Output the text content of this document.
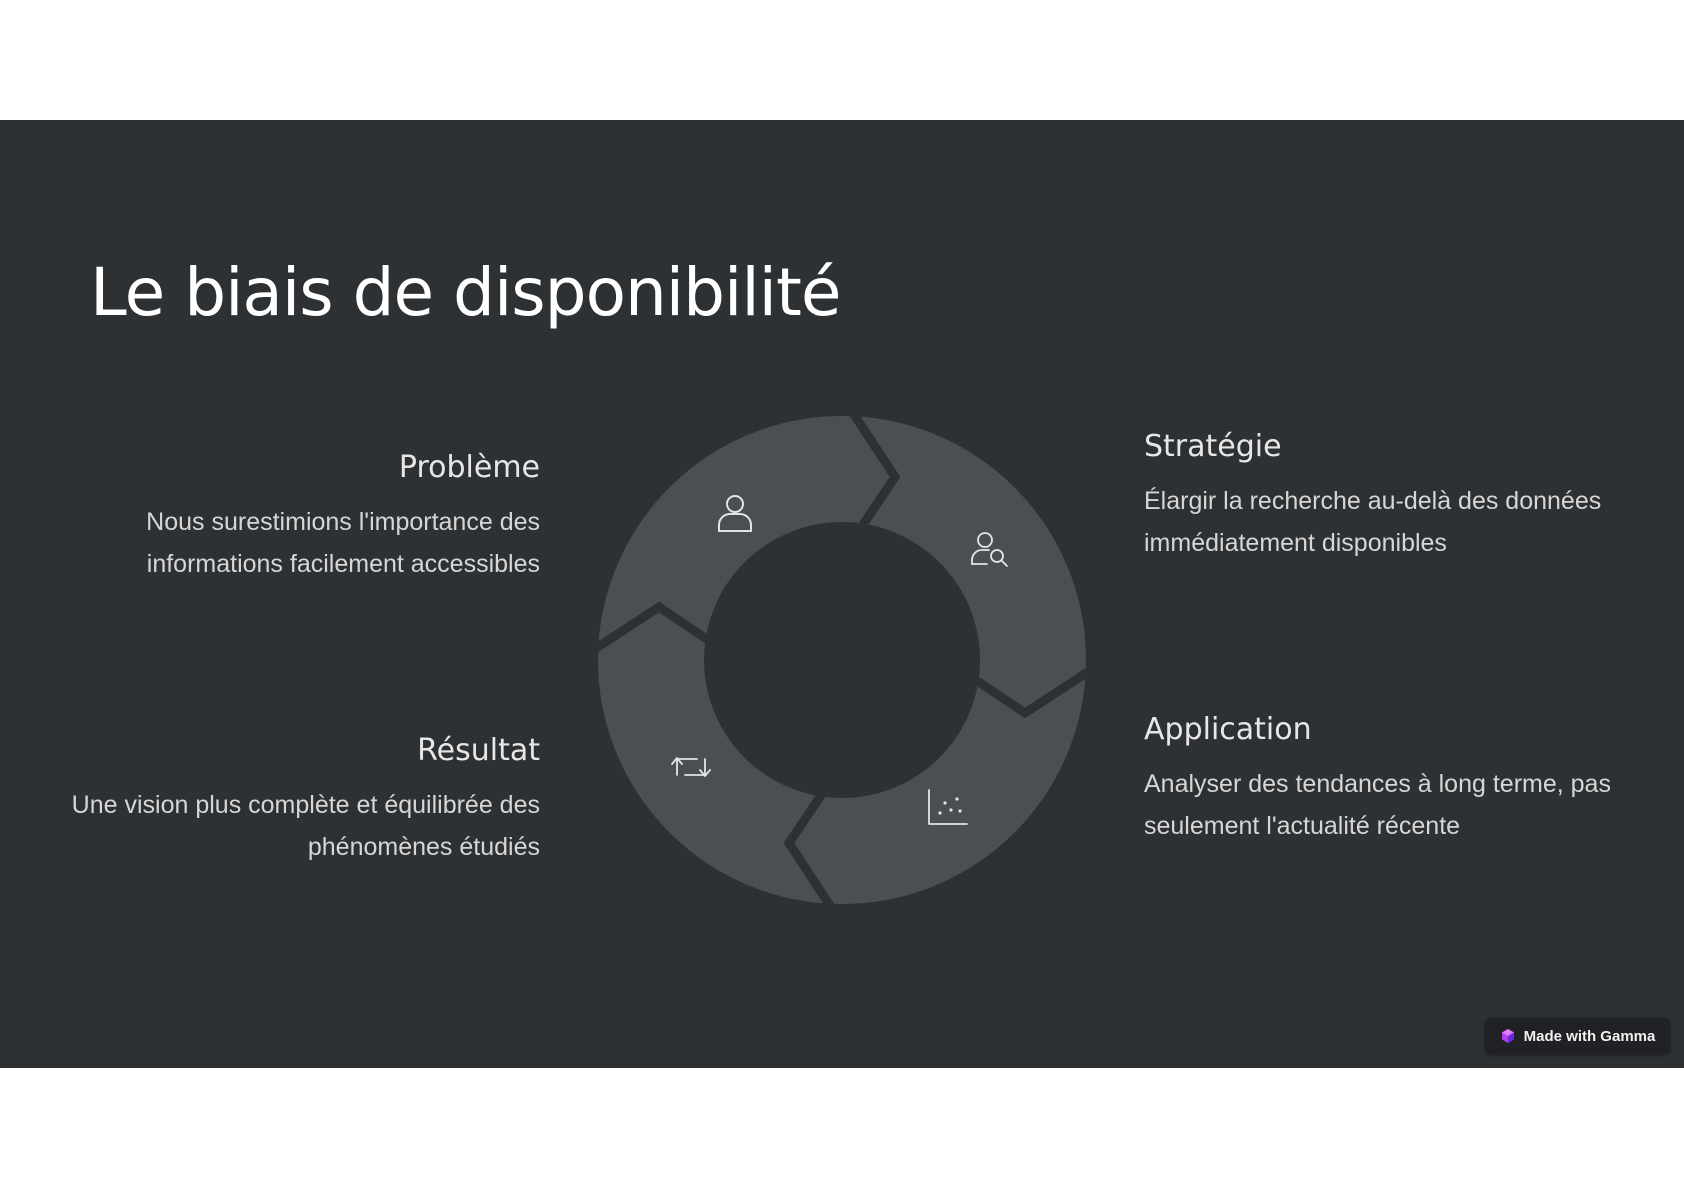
Le biais de disponibilité
Problème

Nous surestimions l'importance des informations facilement accessibles

Résultat

Une vision plus complète et équilibrée des phénomènes étudiés

Stratégie

Élargir la recherche au-delà des données immédiatement disponibles

Application

Analyser des tendances à long terme, pas seulement l'actualité récente

Made with Gamma
